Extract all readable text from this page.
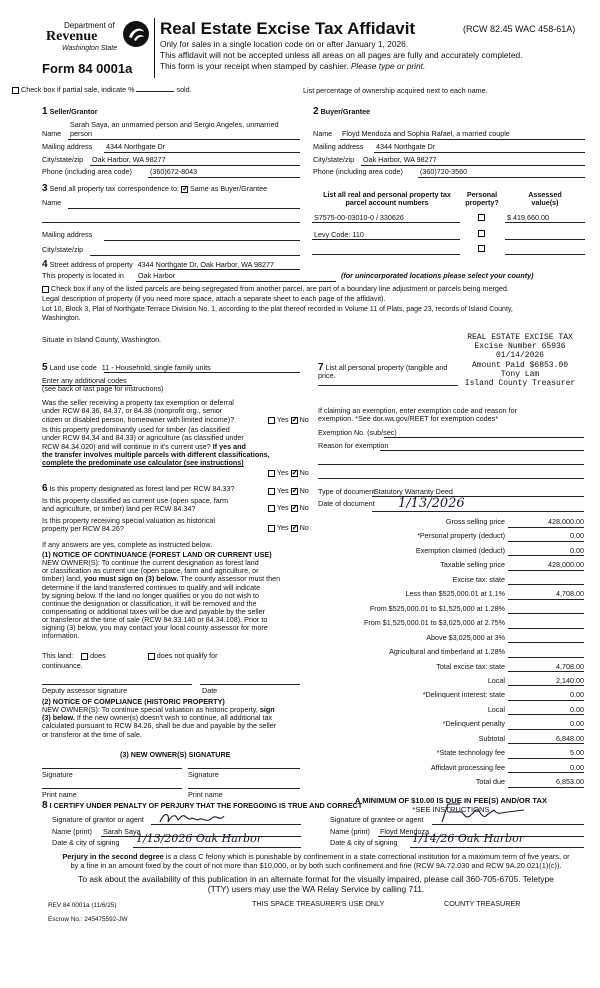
Department of
Revenue
Washington State
Form 84 0001a
Real Estate Excise Tax Affidavit	(RCW 82.45 WAC 458-61A)
Only for sales in a single location code on or after January 1, 2026.
This affidavit will not be accepted unless all areas on all pages are fully and accurately completed.
This form is your receipt when stamped by cashier. Please type or print.
Check box if partial sale, indicate %	sold.	List percentage of ownership acquired next to each name.
1 Seller/Grantor
Sarah Saya, an unmarried person and Sergio Angeles, unmarried
Name person
Mailing address 4344 Northgate Dr
City/state/zip Oak Harbor, WA 98277
Phone (including area code)	(360)672-8043
2 Buyer/Grantee
Name Floyd Mendoza and Sophia Rafael, a married couple
Mailing address 4344 Northgate Dr
City/state/zip Oak Harbor, WA 98277
Phone (including area code) (360)720-3560
3 Send all property tax correspondence to: ✓ Same as Buyer/Grantee
Name
Mailing address
City/state/zip
List all real and personal property tax
parcel account numbers
Personal
property?
Assessed
value(s)
S7575-00-03010-0 / 330626	$ 419,660.00
Levy Code: 110
4 Street address of property 4344 Northgate Dr, Oak Harbor, WA 98277
This property is located in Oak Harbor	(for unincorporated locations please select your county)
Check box if any of the listed parcels are being segregated from another parcel, are part of a boundary line adjustment or parcels being merged.
Legal description of property (if you need more space, attach a separate sheet to each page of the affidavit).
Lot 10, Block 3, Plat of Northgate Terrace Division No. 1, according to the plat thereof recorded in Volume 11 of Plats, page 23, records of Island County,
Washington.
Situate in Island County, Washington.	REAL ESTATE EXCISE TAX
Excise Number 65936
01/14/2026
Amount Paid $6853.00
Tony Lam
Island County Treasurer
5 Land use code 11 - Household, single family units
Enter any additional codes
(see back of last page for instructions)
Was the seller receiving a property tax exemption or deferral
under RCW 84.36, 84.37, or 84.38 (nonprofit org., senior
citizen or disabled person, homeowner with limited income)?	Yes ✓ No
Is this property predominantly used for timber (as classified
under RCW 84.34 and 84.33) or agriculture (as classified under
RCW 84.34.020) and will continue in it's current use? If yes and
the transfer involves multiple parcels with different classifications,
complete the predominate use calculator (see instructions)
Yes ✓ No
7 List all personal property (tangible and
price.
If claiming an exemption, enter exemption code and reason for
exemption. *See dor.wa.gov/REET for exemption codes*
Exemption No. (sub/sec)
Reason for exemption
6 Is this property designated as forest land per RCW 84.33?	Yes ✓ No
Is this property classified as current use (open space, farm
and agriculture, or timber) land per RCW 84.34?	Yes ✓ No
Is this property receiving special valuation as historical
property per RCW 84.26?	Yes ✓ No
If any answers are yes, complete as instructed below.
(1) NOTICE OF CONTINUANCE (FOREST LAND OR CURRENT USE)
NEW OWNER(S): To continue the current designation as forest land
or classification as current use (open space, farm and agriculture, or
timber) land, you must sign on (3) below. The county assessor must then
determine if the land transferred continues to qualify and will indicate
by signing below. If the land no longer qualifies or you do not wish to
continue the designation or classification, it will be removed and the
compensating or additional taxes will be due and payable by the seller
or transferor at the time of sale (RCW 84.33.140 or 84.34.108). Prior to
signing (3) below, you may contact your local county assessor for more
information.
This land: does	does not qualify for
continuance.
Deputy assessor signature	Date
(2) NOTICE OF COMPLIANCE (HISTORIC PROPERTY)
NEW OWNER(S): To continue special valuation as historic property, sign
(3) below. If the new owner(s) doesn't wish to continue, all additional tax
calculated pursuant to RCW 84.26, shall be due and payable by the seller
or transferor at the time of sale.
(3) NEW OWNER(S) SIGNATURE
Signature	Signature
Print name	Print name
Type of document
Statutory Warranty Deed
Date of document 1/13/2026
Gross selling price	428,000.00
*Personal property (deduct)	0.00
Exemption claimed (deduct)	0.00
Taxable selling price	428,000.00
Excise tax: state
Less than $525,000.01 at 1.1%	4,708.00
From $525,000.01 to $1,525,000 at 1.28%
From $1,525,000.01 to $3,025,000 at 2.75%
Above $3,025,000 at 3%
Agricultural and timberland at 1.28%
Total excise tax: state	4,708.00
Local	2,140.00
*Delinquent interest: state	0.00
Local	0.00
*Delinquent penalty	0.00
Subtotal	6,848.00
*State technology fee	5.00
Affidavit processing fee	0.00
Total due	6,853.00
A MINIMUM OF $10.00 IS DUE IN FEE(S) AND/OR TAX
*SEE INSTRUCTIONS
8 I CERTIFY UNDER PENALTY OF PERJURY THAT THE FOREGOING IS TRUE AND CORRECT
Signature of grantor or agent
Name (print) Sarah Saya
Date & city of signing 1/13/2026 Oak Harbor
Signature of grantee or agent
Name (print) Floyd Mendoza
Date & city of signing 1/14/26 Oak Harbor
Perjury in the second degree is a class C felony which is punishable by confinement in a state correctional institution for a maximum term of five years, or
by a fine in an amount fixed by the court of not more than $10,000, or by both such confinement and fine (RCW 9A.72.030 and RCW 9A.20.021(1)(c)).
To ask about the availability of this publication in an alternate format for the visually impaired, please call 360-705-6705. Teletype
(TTY) users may use the WA Relay Service by calling 711.
REV 84 0001a (11/6/25)	THIS SPACE TREASURER'S USE ONLY	COUNTY TREASURER
Escrow No.: 245475592-JW
